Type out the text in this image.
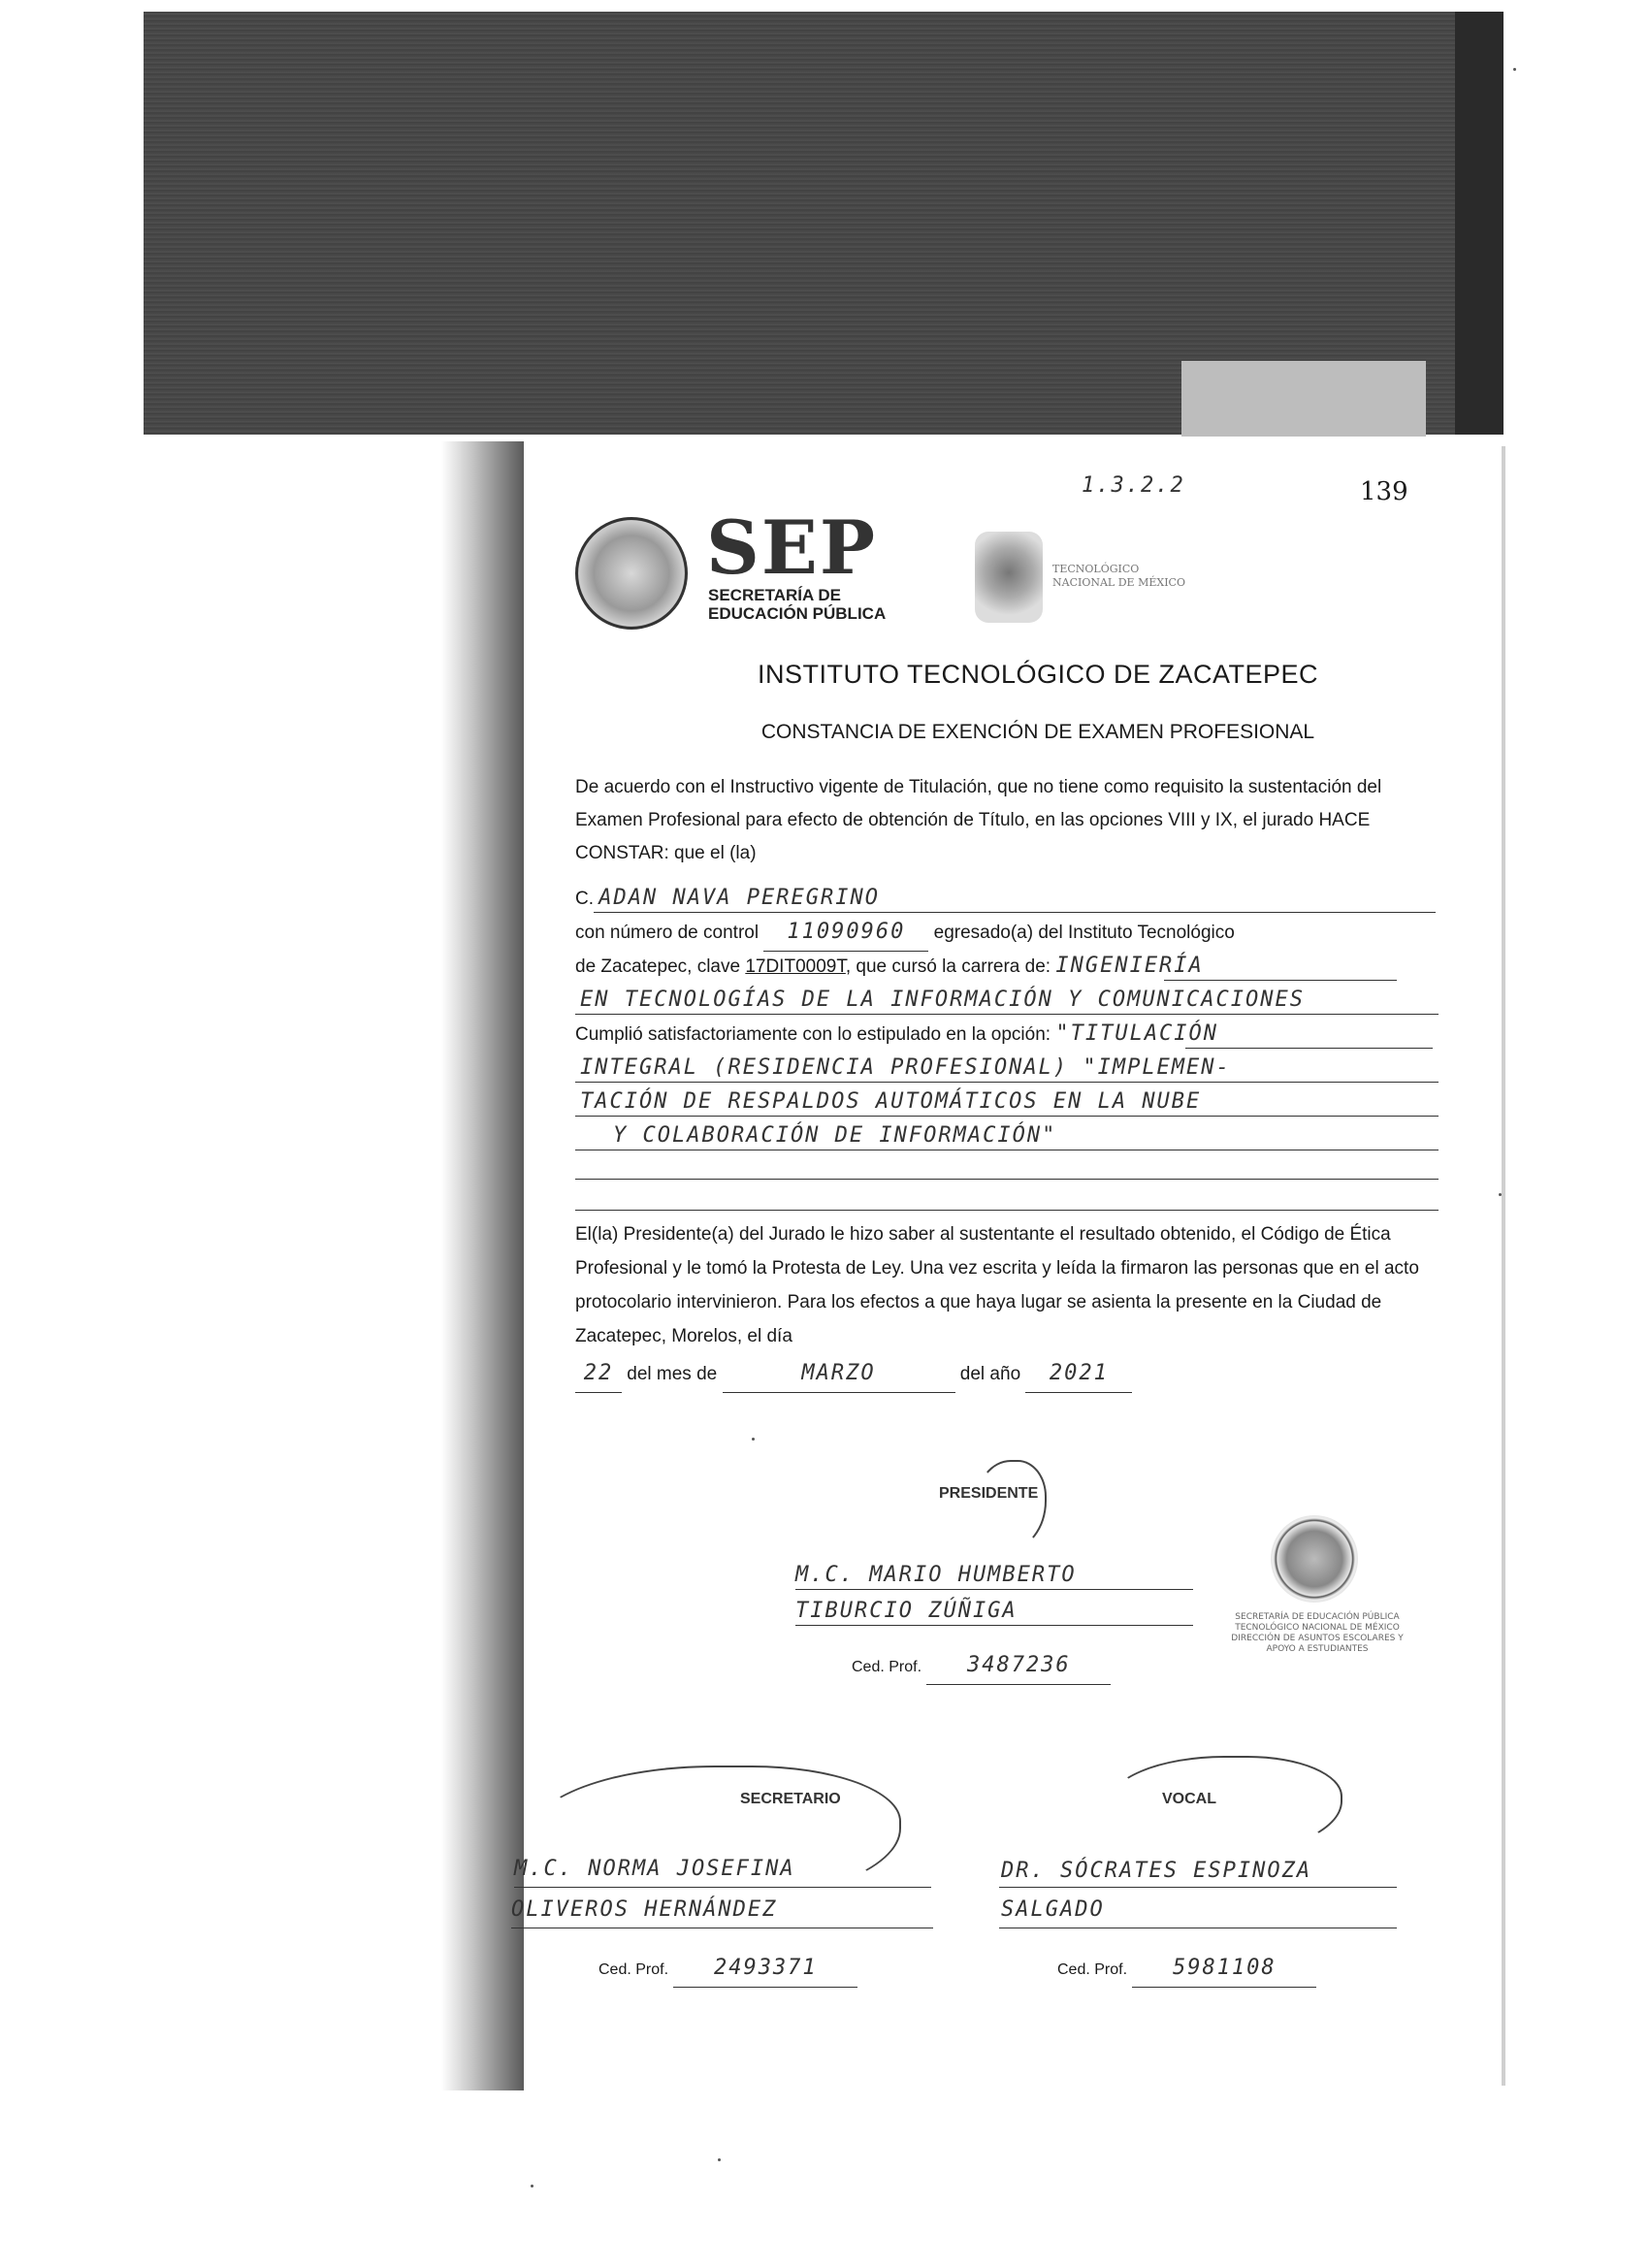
1.3.2.2	139
SEP
SECRETARÍA DE
EDUCACIÓN PÚBLICA
TECNOLÓGICO
NACIONAL DE MÉXICO
INSTITUTO TECNOLÓGICO DE ZACATEPEC
CONSTANCIA DE EXENCIÓN DE EXAMEN PROFESIONAL
De acuerdo con el Instructivo vigente de Titulación, que no tiene como requisito la sustentación del Examen Profesional para efecto de obtención de Título, en las opciones VIII y IX, el jurado HACE CONSTAR: que el (la)
C. ADAN NAVA PEREGRINO
con número de control 11090960 egresado(a) del Instituto Tecnológico
de Zacatepec, clave 17DIT0009T, que cursó la carrera de: INGENIERÍA
EN TECNOLOGÍAS DE LA INFORMACIÓN Y COMUNICACIONES
Cumplió satisfactoriamente con lo estipulado en la opción: "TITULACIÓN
INTEGRAL (RESIDENCIA PROFESIONAL) "IMPLEMEN-
TACIÓN DE RESPALDOS AUTOMÁTICOS EN LA NUBE
Y COLABORACIÓN DE INFORMACIÓN"
El(la) Presidente(a) del Jurado le hizo saber al sustentante el resultado obtenido, el Código de Ética Profesional y le tomó la Protesta de Ley. Una vez escrita y leída la firmaron las personas que en el acto protocolario intervinieron. Para los efectos a que haya lugar se asienta la presente en la Ciudad de Zacatepec, Morelos, el día
22 del mes de	MARZO	del año 2021
PRESIDENTE
M.C. MARIO HUMBERTO
TIBURCIO ZÚÑIGA
Ced. Prof. 3487236
SECRETARÍA DE EDUCACIÓN PÚBLICA TECNOLÓGICO NACIONAL DE MÉXICO DIRECCIÓN DE ASUNTOS ESCOLARES Y APOYO A ESTUDIANTES
SECRETARIO
M.C. NORMA JOSEFINA
OLIVEROS HERNÁNDEZ
Ced. Prof. 2493371
VOCAL
DR. SÓCRATES ESPINOZA
SALGADO
Ced. Prof. 5981108
